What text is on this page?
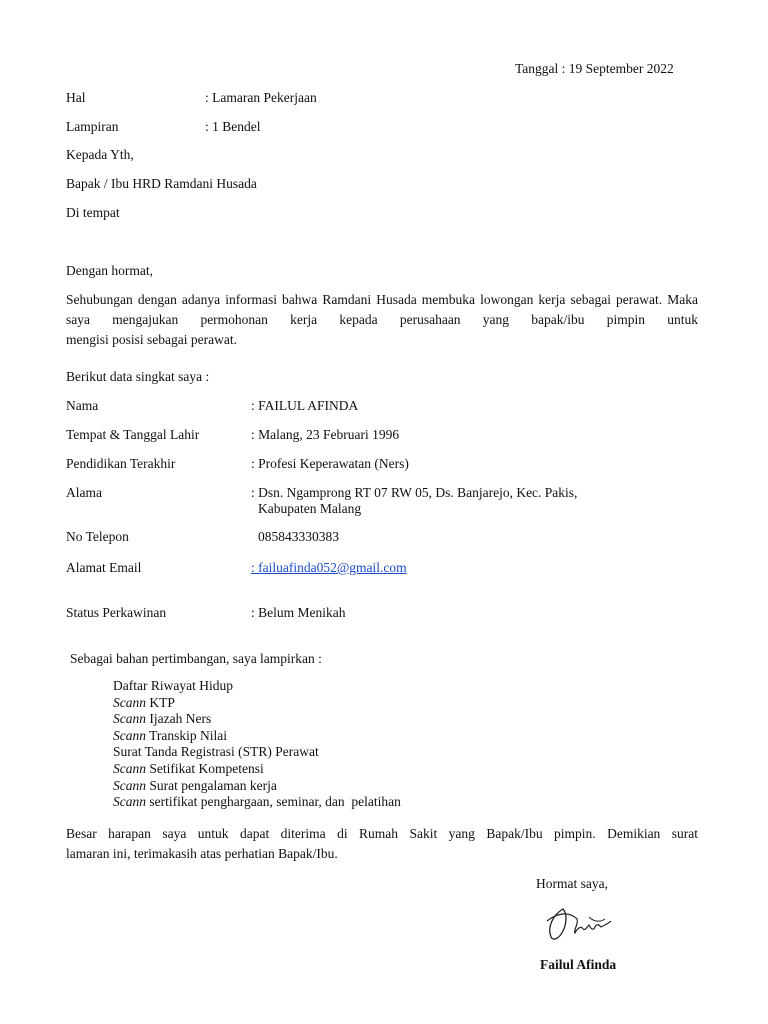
Tanggal : 19 September 2022
Hal	: Lamaran Pekerjaan
Lampiran	: 1 Bendel
Kepada Yth,
Bapak / Ibu HRD Ramdani Husada
Di tempat
Dengan hormat,
Sehubungan dengan adanya informasi bahwa Ramdani Husada membuka lowongan kerja sebagai perawat. Maka saya mengajukan permohonan kerja kepada perusahaan yang bapak/ibu pimpin untuk
mengisi posisi sebagai perawat.
Berikut data singkat saya :
Nama	: FAILUL AFINDA
Tempat & Tanggal Lahir	: Malang, 23 Februari 1996
Pendidikan Terakhir	: Profesi Keperawatan (Ners)
Alama	: Dsn. Ngamprong RT 07 RW 05, Ds. Banjarejo, Kec. Pakis,
Kabupaten Malang
No Telepon	085843330383
Alamat Email	: failuafinda052@gmail.com
Status Perkawinan	: Belum Menikah
Sebagai bahan pertimbangan, saya lampirkan :
Daftar Riwayat Hidup
Scann KTP
Scann Ijazah Ners
Scann Transkip Nilai
Surat Tanda Registrasi (STR) Perawat
Scann Setifikat Kompetensi
Scann Surat pengalaman kerja
Scann sertifikat penghargaan, seminar, dan  pelatihan
Besar harapan saya untuk dapat diterima di Rumah Sakit yang Bapak/Ibu pimpin. Demikian surat
lamaran ini, terimakasih atas perhatian Bapak/Ibu.
Hormat saya,
Failul Afinda
